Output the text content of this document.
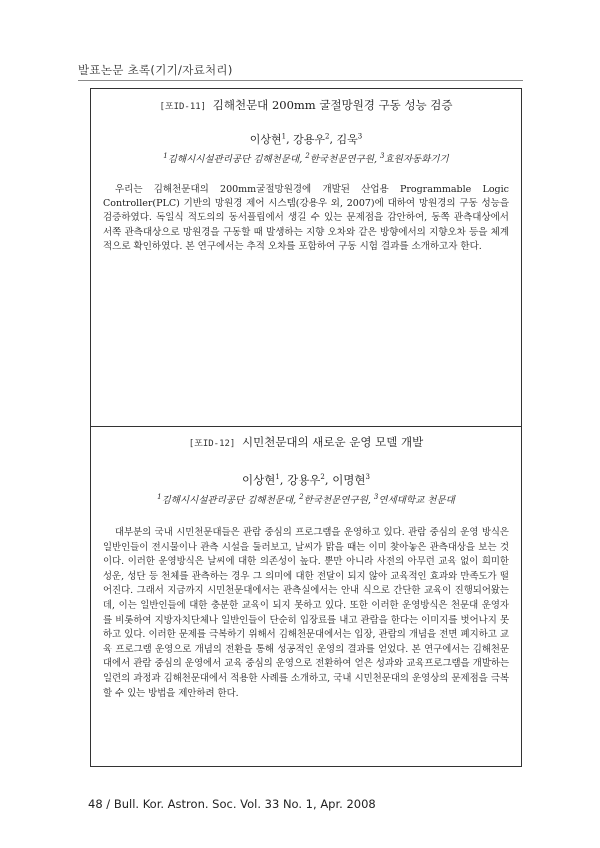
발표논문 초록(기기/자료처리)
[포ID-11] 김해천문대 200mm 굴절망원경 구동 성능 검증
이상현$^1$, 강용우$^2$, 김욱$^3$
$^1$김해시시설관리공단 김해천문대, $^2$한국천문연구원, $^3$효원자동화기기
우리는 김해천문대의 200mm굴절망원경에 개발된 산업용 Programmable Logic Controller(PLC) 기반의 망원경 제어 시스템(강용우 외, 2007)에 대하여 망원경의 구동 성능을 검증하였다. 독일식 적도의의 동서플립에서 생길 수 있는 문제점을 감안하여, 동쪽 관측대상에서 서쪽 관측대상으로 망원경을 구동할 때 발생하는 지향 오차와 같은 방향에서의 지향오차 등을 체계적으로 확인하였다. 본 연구에서는 추적 오차를 포함하여 구동 시험 결과를 소개하고자 한다.
[포ID-12] 시민천문대의 새로운 운영 모델 개발
이상현$^1$, 강용우$^2$, 이명현$^3$
$^1$김해시시설관리공단 김해천문대, $^2$한국천문연구원, $^3$연세대학교 천문대
대부분의 국내 시민천문대들은 관람 중심의 프로그램을 운영하고 있다. 관람 중심의 운영 방식은 일반인들이 전시물이나 관측 시설을 둘러보고, 날씨가 맑을 때는 이미 찾아놓은 관측대상을 보는 것이다. 이러한 운영방식은 날씨에 대한 의존성이 높다. 뿐만 아니라 사전의 아무런 교육 없이 희미한 성운, 성단 등 천체를 관측하는 경우 그 의미에 대한 전달이 되지 않아 교육적인 효과와 만족도가 떨어진다. 그래서 지금까지 시민천문대에서는 관측실에서는 안내 식으로 간단한 교육이 진행되어왔는데, 이는 일반인들에 대한 충분한 교육이 되지 못하고 있다. 또한 이러한 운영방식은 천문대 운영자를 비롯하여 지방자치단체나 일반인들이 단순히 입장료를 내고 관람을 한다는 이미지를 벗어나지 못하고 있다. 이러한 문제를 극복하기 위해서 김해천문대에서는 입장, 관람의 개념을 전면 폐지하고 교육 프로그램 운영으로 개념의 전환을 통해 성공적인 운영의 결과를 얻었다. 본 연구에서는 김해천문대에서 관람 중심의 운영에서 교육 중심의 운영으로 전환하여 얻은 성과와 교육프로그램을 개발하는 일련의 과정과 김해천문대에서 적용한 사례를 소개하고, 국내 시민천문대의 운영상의 문제점을 극복할 수 있는 방법을 제안하려 한다.
48 / Bull. Kor. Astron. Soc. Vol. 33 No. 1, Apr. 2008
